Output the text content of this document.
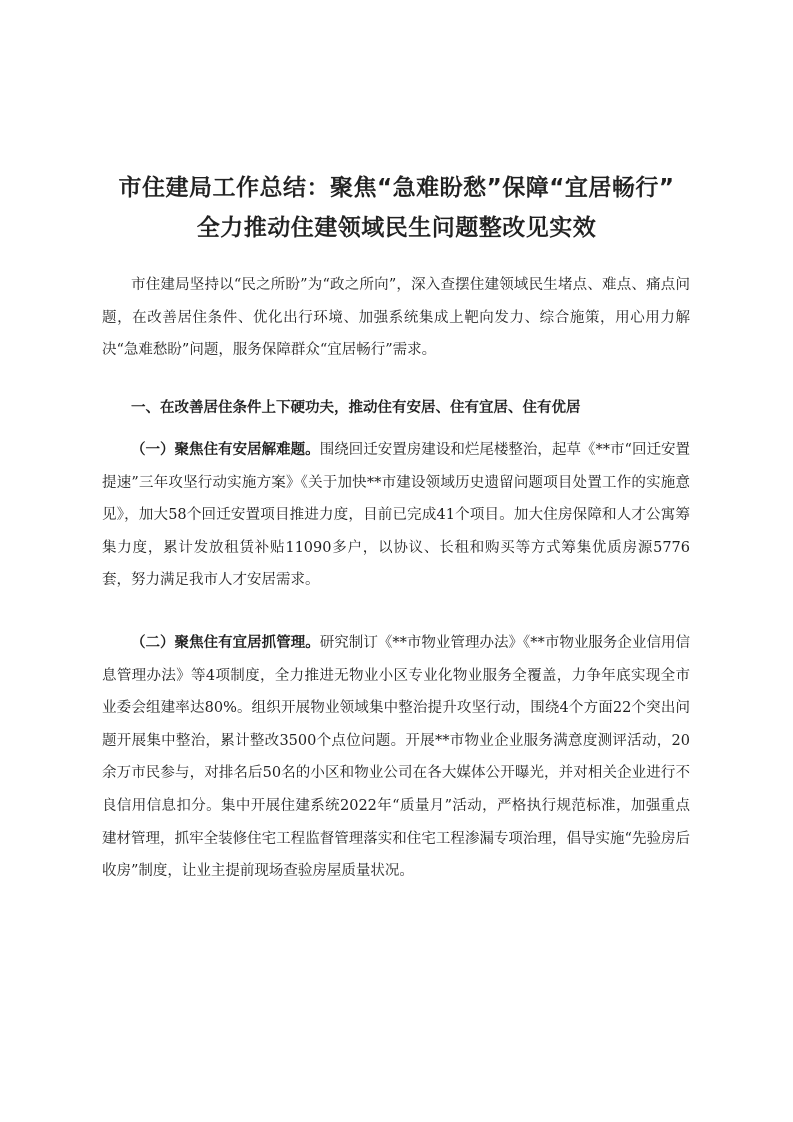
市住建局工作总结：聚焦“急难盼愁”保障“宜居畅行”
全力推动住建领域民生问题整改见实效

市住建局坚持以“民之所盼”为“政之所向”，深入查摆住建领域民生堵点、难点、痛点问题，在改善居住条件、优化出行环境、加强系统集成上靶向发力、综合施策，用心用力解决“急难愁盼”问题，服务保障群众“宜居畅行”需求。

一、在改善居住条件上下硬功夫，推动住有安居、住有宜居、住有优居

（一）聚焦住有安居解难题。围绕回迁安置房建设和烂尾楼整治，起草《**市“回迁安置提速”三年攻坚行动实施方案》《关于加快**市建设领域历史遗留问题项目处置工作的实施意见》，加大58个回迁安置项目推进力度，目前已完成41个项目。加大住房保障和人才公寓筹集力度，累计发放租赁补贴11090多户，以协议、长租和购买等方式筹集优质房源5776套，努力满足我市人才安居需求。

（二）聚焦住有宜居抓管理。研究制订《**市物业管理办法》《**市物业服务企业信用信息管理办法》等4项制度，全力推进无物业小区专业化物业服务全覆盖，力争年底实现全市业委会组建率达80%。组织开展物业领域集中整治提升攻坚行动，围绕4个方面22个突出问题开展集中整治，累计整改3500个点位问题。开展**市物业企业服务满意度测评活动，20余万市民参与，对排名后50名的小区和物业公司在各大媒体公开曝光，并对相关企业进行不良信用信息扣分。集中开展住建系统2022年“质量月”活动，严格执行规范标准，加强重点建材管理，抓牢全装修住宅工程监督管理落实和住宅工程渗漏专项治理，倡导实施“先验房后收房”制度，让业主提前现场查验房屋质量状况。
